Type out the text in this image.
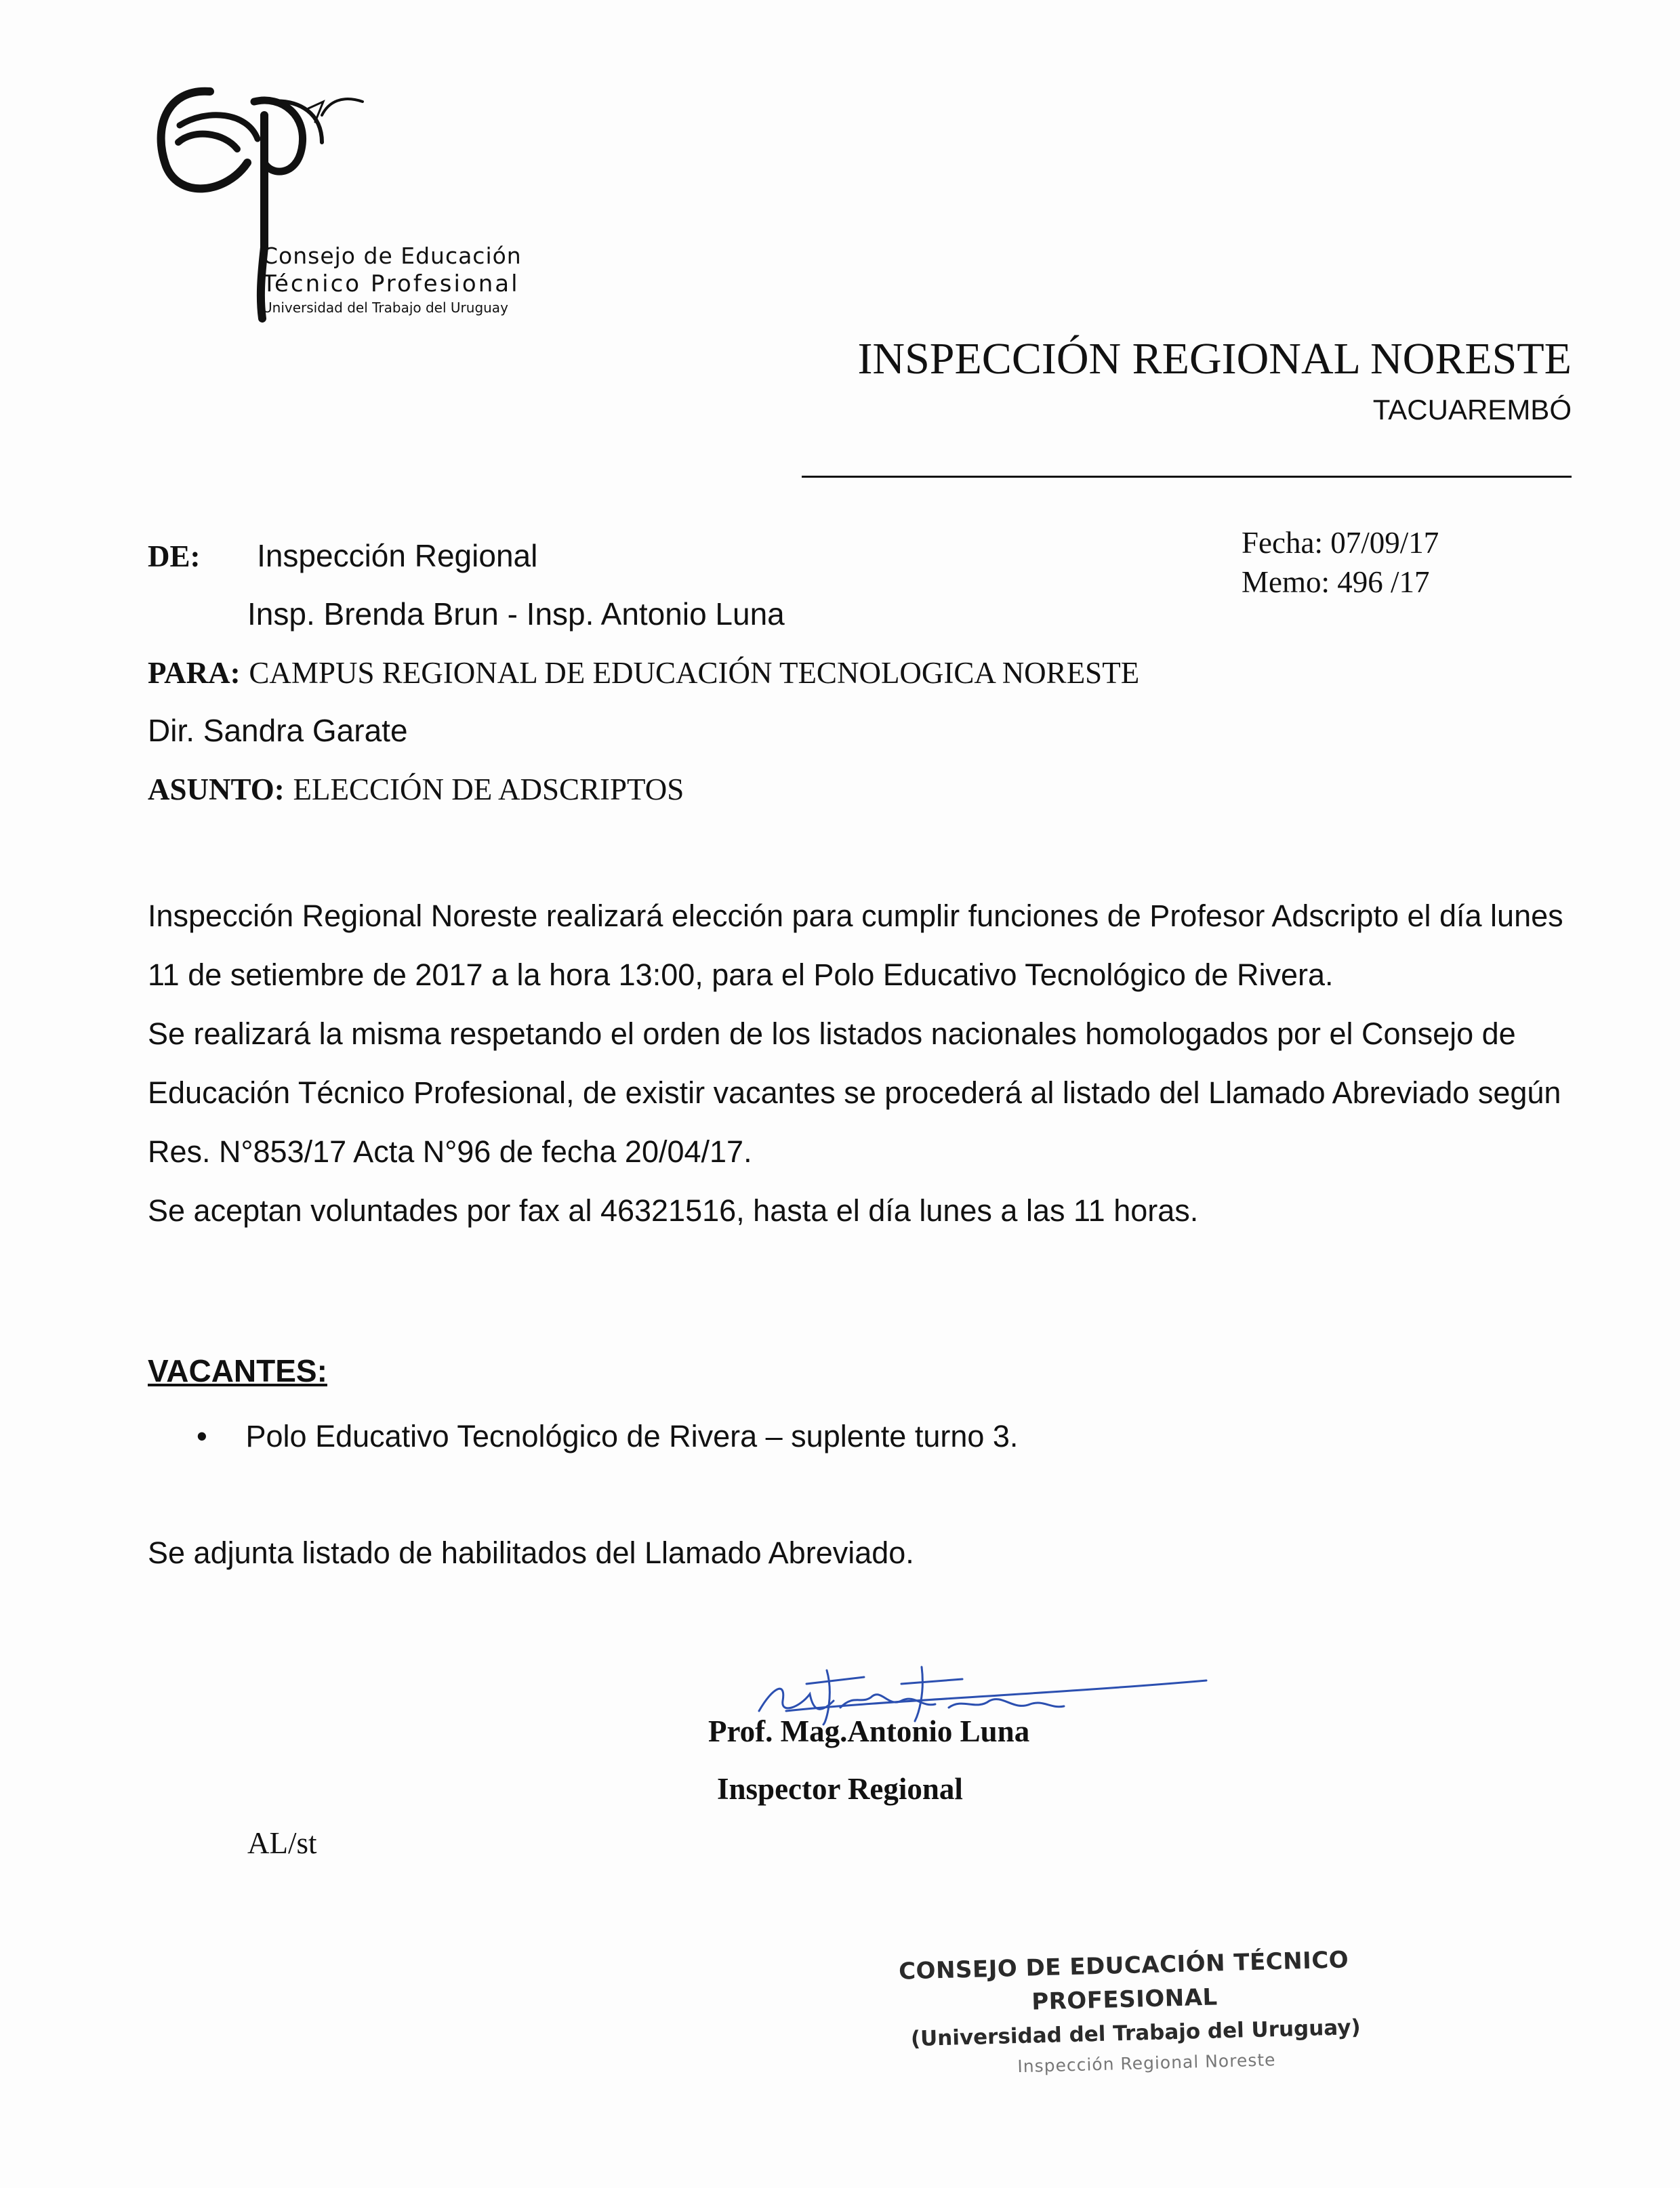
Consejo de Educación
Técnico Profesional
Universidad del Trabajo del Uruguay
INSPECCIÓN REGIONAL NORESTE
TACUAREMBÓ
Fecha: 07/09/17
Memo: 496 /17
DE: Inspección Regional
Insp. Brenda Brun - Insp. Antonio Luna
PARA: CAMPUS REGIONAL DE EDUCACIÓN TECNOLOGICA NORESTE
Dir. Sandra Garate
ASUNTO: ELECCIÓN DE ADSCRIPTOS

Inspección Regional Noreste realizará elección para cumplir funciones de Profesor Adscripto el día lunes 11 de setiembre de 2017 a la hora 13:00, para el Polo Educativo Tecnológico de Rivera.

Se realizará la misma respetando el orden de los listados nacionales homologados por el Consejo de Educación Técnico Profesional, de existir vacantes se procederá al listado del Llamado Abreviado según Res. N°853/17 Acta N°96 de fecha 20/04/17.

Se aceptan voluntades por fax al 46321516, hasta el día lunes a las 11 horas.

VACANTES:
• Polo Educativo Tecnológico de Rivera – suplente turno 3.
Se adjunta listado de habilitados del Llamado Abreviado.
Prof. Mag.Antonio Luna
Inspector Regional
AL/st
CONSEJO DE EDUCACIÓN TÉCNICO PROFESIONAL
(Universidad del Trabajo del Uruguay)
Inspección Regional Noreste
